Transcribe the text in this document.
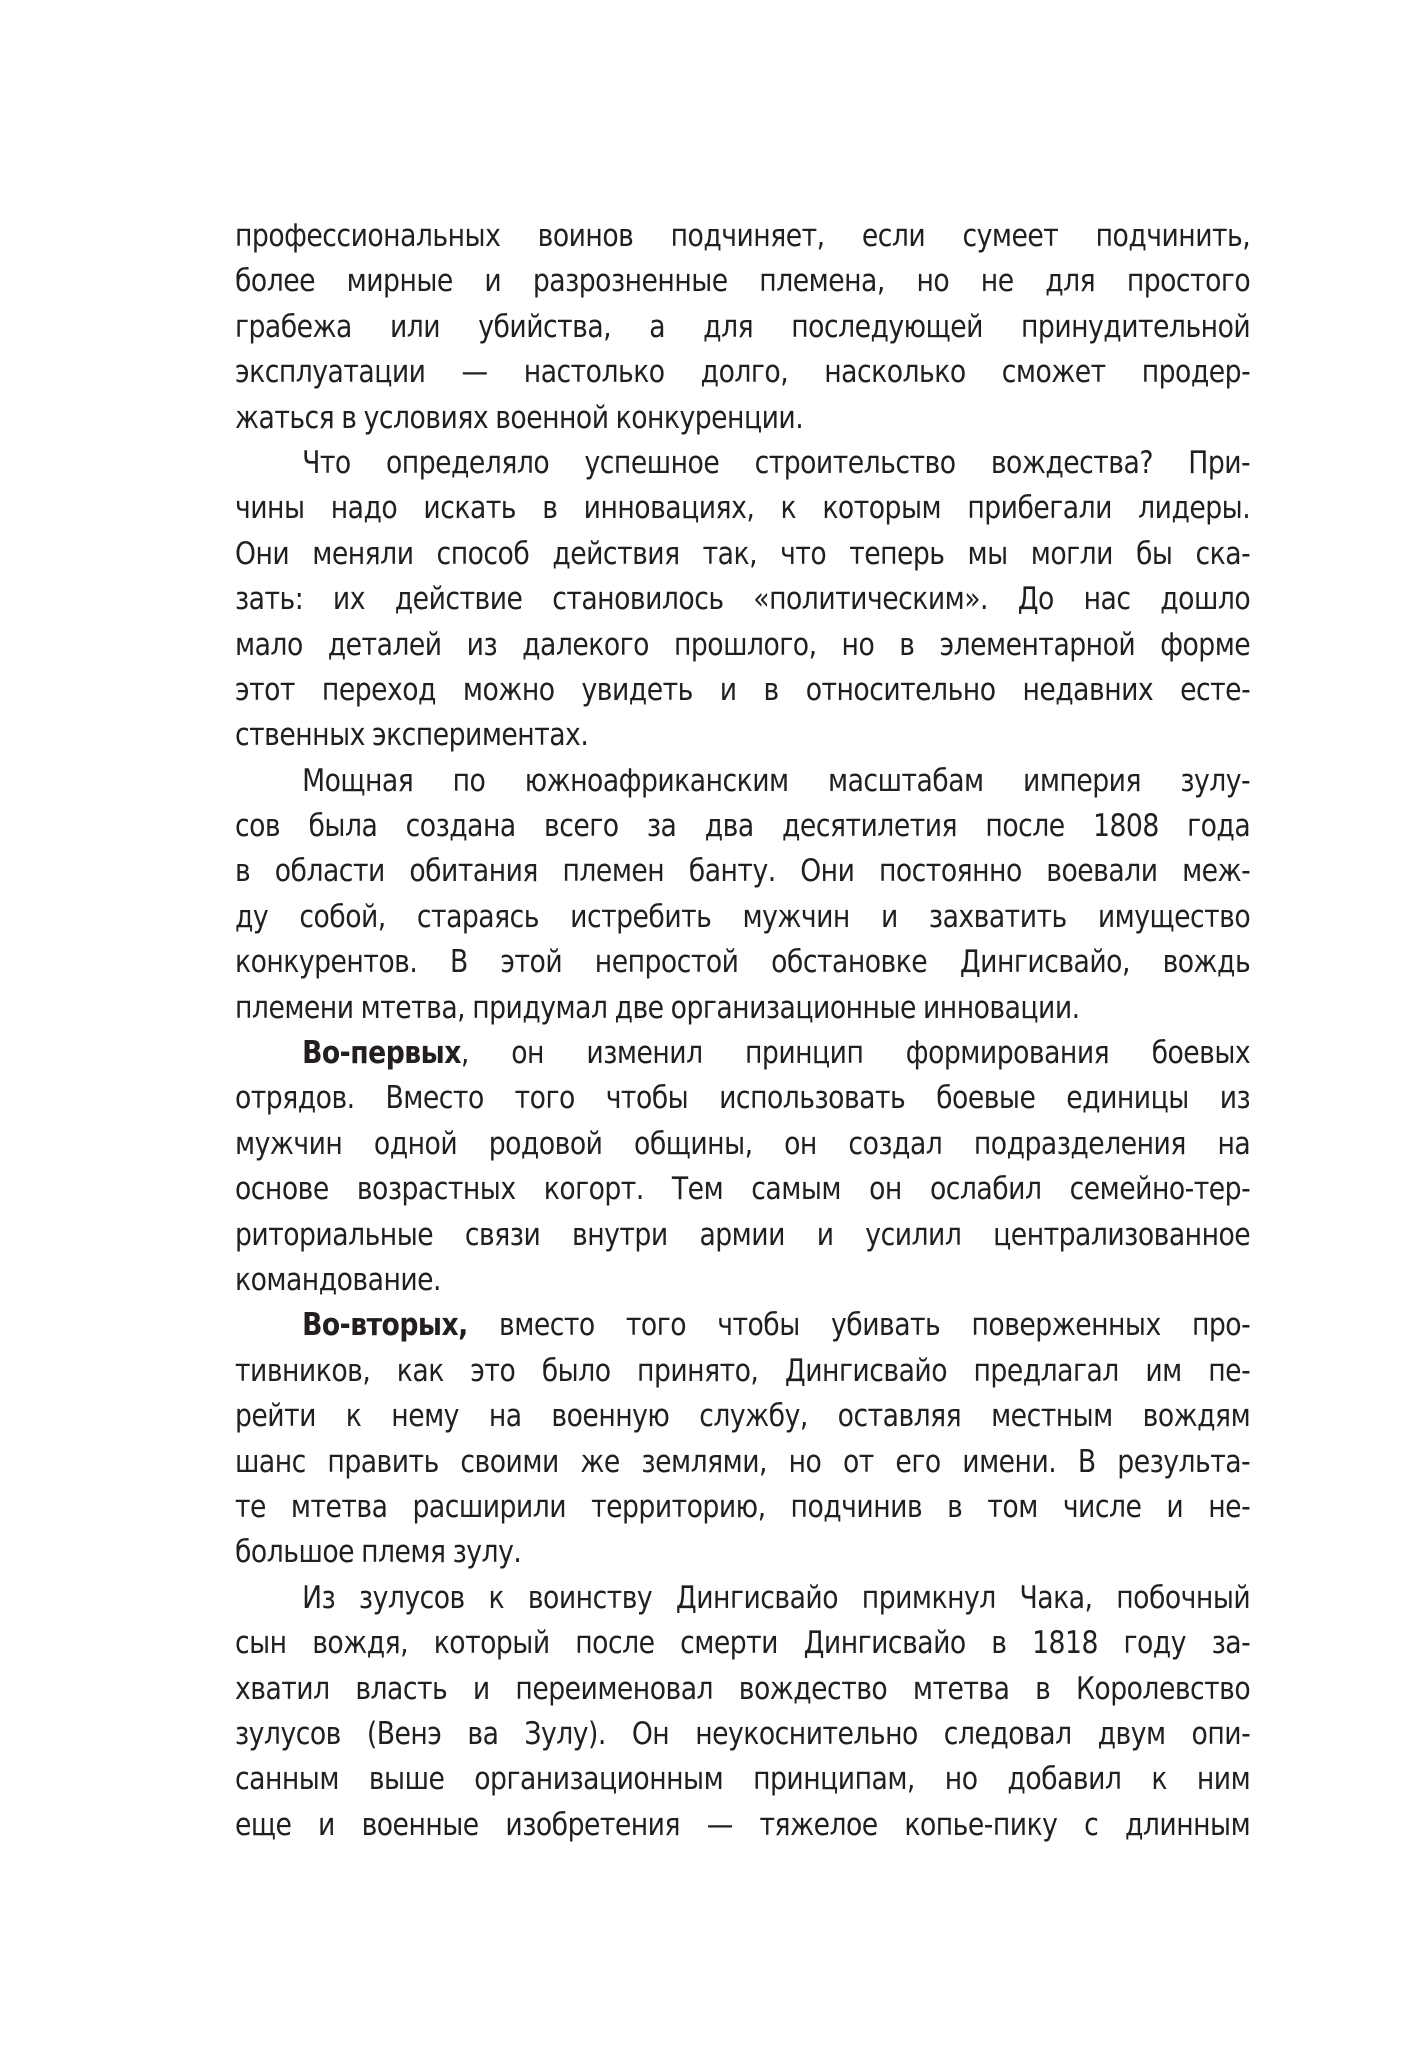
профессиональных воинов подчиняет, если сумеет подчинить,
более мирные и разрозненные племена, но не для простого
грабежа или убийства, а для последующей принудительной
эксплуатации — настолько долго, насколько сможет продер-
жаться в условиях военной конкуренции.
Что определяло успешное строительство вождества? При-
чины надо искать в инновациях, к которым прибегали лидеры.
Они меняли способ действия так, что теперь мы могли бы ска-
зать: их действие становилось «политическим». До нас дошло
мало деталей из далекого прошлого, но в элементарной форме
этот переход можно увидеть и в относительно недавних есте-
ственных экспериментах.
Мощная по южноафриканским масштабам империя зулу-
сов была создана всего за два десятилетия после 1808 года
в области обитания племен банту. Они постоянно воевали меж-
ду собой, стараясь истребить мужчин и захватить имущество
конкурентов. В этой непростой обстановке Дингисвайо, вождь
племени мтетва, придумал две организационные инновации.
Во-первых, он изменил принцип формирования боевых
отрядов. Вместо того чтобы использовать боевые единицы из
мужчин одной родовой общины, он создал подразделения на
основе возрастных когорт. Тем самым он ослабил семейно-тер-
риториальные связи внутри армии и усилил централизованное
командование.
Во-вторых, вместо того чтобы убивать поверженных про-
тивников, как это было принято, Дингисвайо предлагал им пе-
рейти к нему на военную службу, оставляя местным вождям
шанс править своими же землями, но от его имени. В результа-
те мтетва расширили территорию, подчинив в том числе и не-
большое племя зулу.
Из зулусов к воинству Дингисвайо примкнул Чака, побочный
сын вождя, который после смерти Дингисвайо в 1818 году за-
хватил власть и переименовал вождество мтетва в Королевство
зулусов (Венэ ва Зулу). Он неукоснительно следовал двум опи-
санным выше организационным принципам, но добавил к ним
еще и военные изобретения — тяжелое копье-пику с длинным
